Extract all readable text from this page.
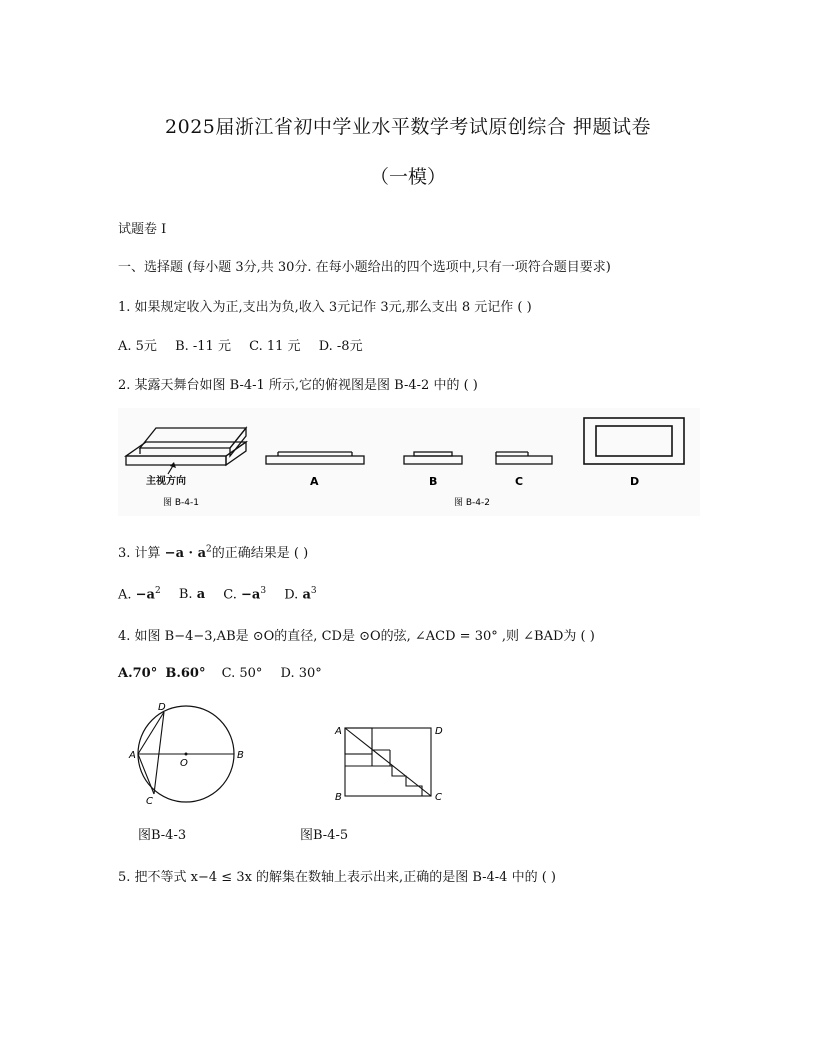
2025届浙江省初中学业水平数学考试原创综合 押题试卷
（一模）
试题卷 I
一、选择题 (每小题 3分,共 30分. 在每小题给出的四个选项中,只有一项符合题目要求)
1. 如果规定收入为正,支出为负,收入 3元记作 3元,那么支出 8 元记作 ( )
A. 5元 B. -11 元 C. 11 元 D. -8元
2. 某露天舞台如图 B-4-1 所示,它的俯视图是图 B-4-2 中的 ( )
主视方向	A	B	C	D
图 B-4-1	图 B-4-2
3. 计算 $-a \cdot a^2$的正确结果是 ( )
A. $-a^2$ B. a C. $-a^3$ D. $a^3$
4. 如图 B−4−3,AB是 ⊙O的直径, CD是 ⊙O的弦, ∠ACD = 30° ,则 ∠BAD为 ( )
A.70° B.60° C. 50° D. 30°
A	B
C
D
O
A	D
B	C
图B-4-3	图B-4-5
5. 把不等式 x−4 ≤ 3x 的解集在数轴上表示出来,正确的是图 B-4-4 中的 ( )
